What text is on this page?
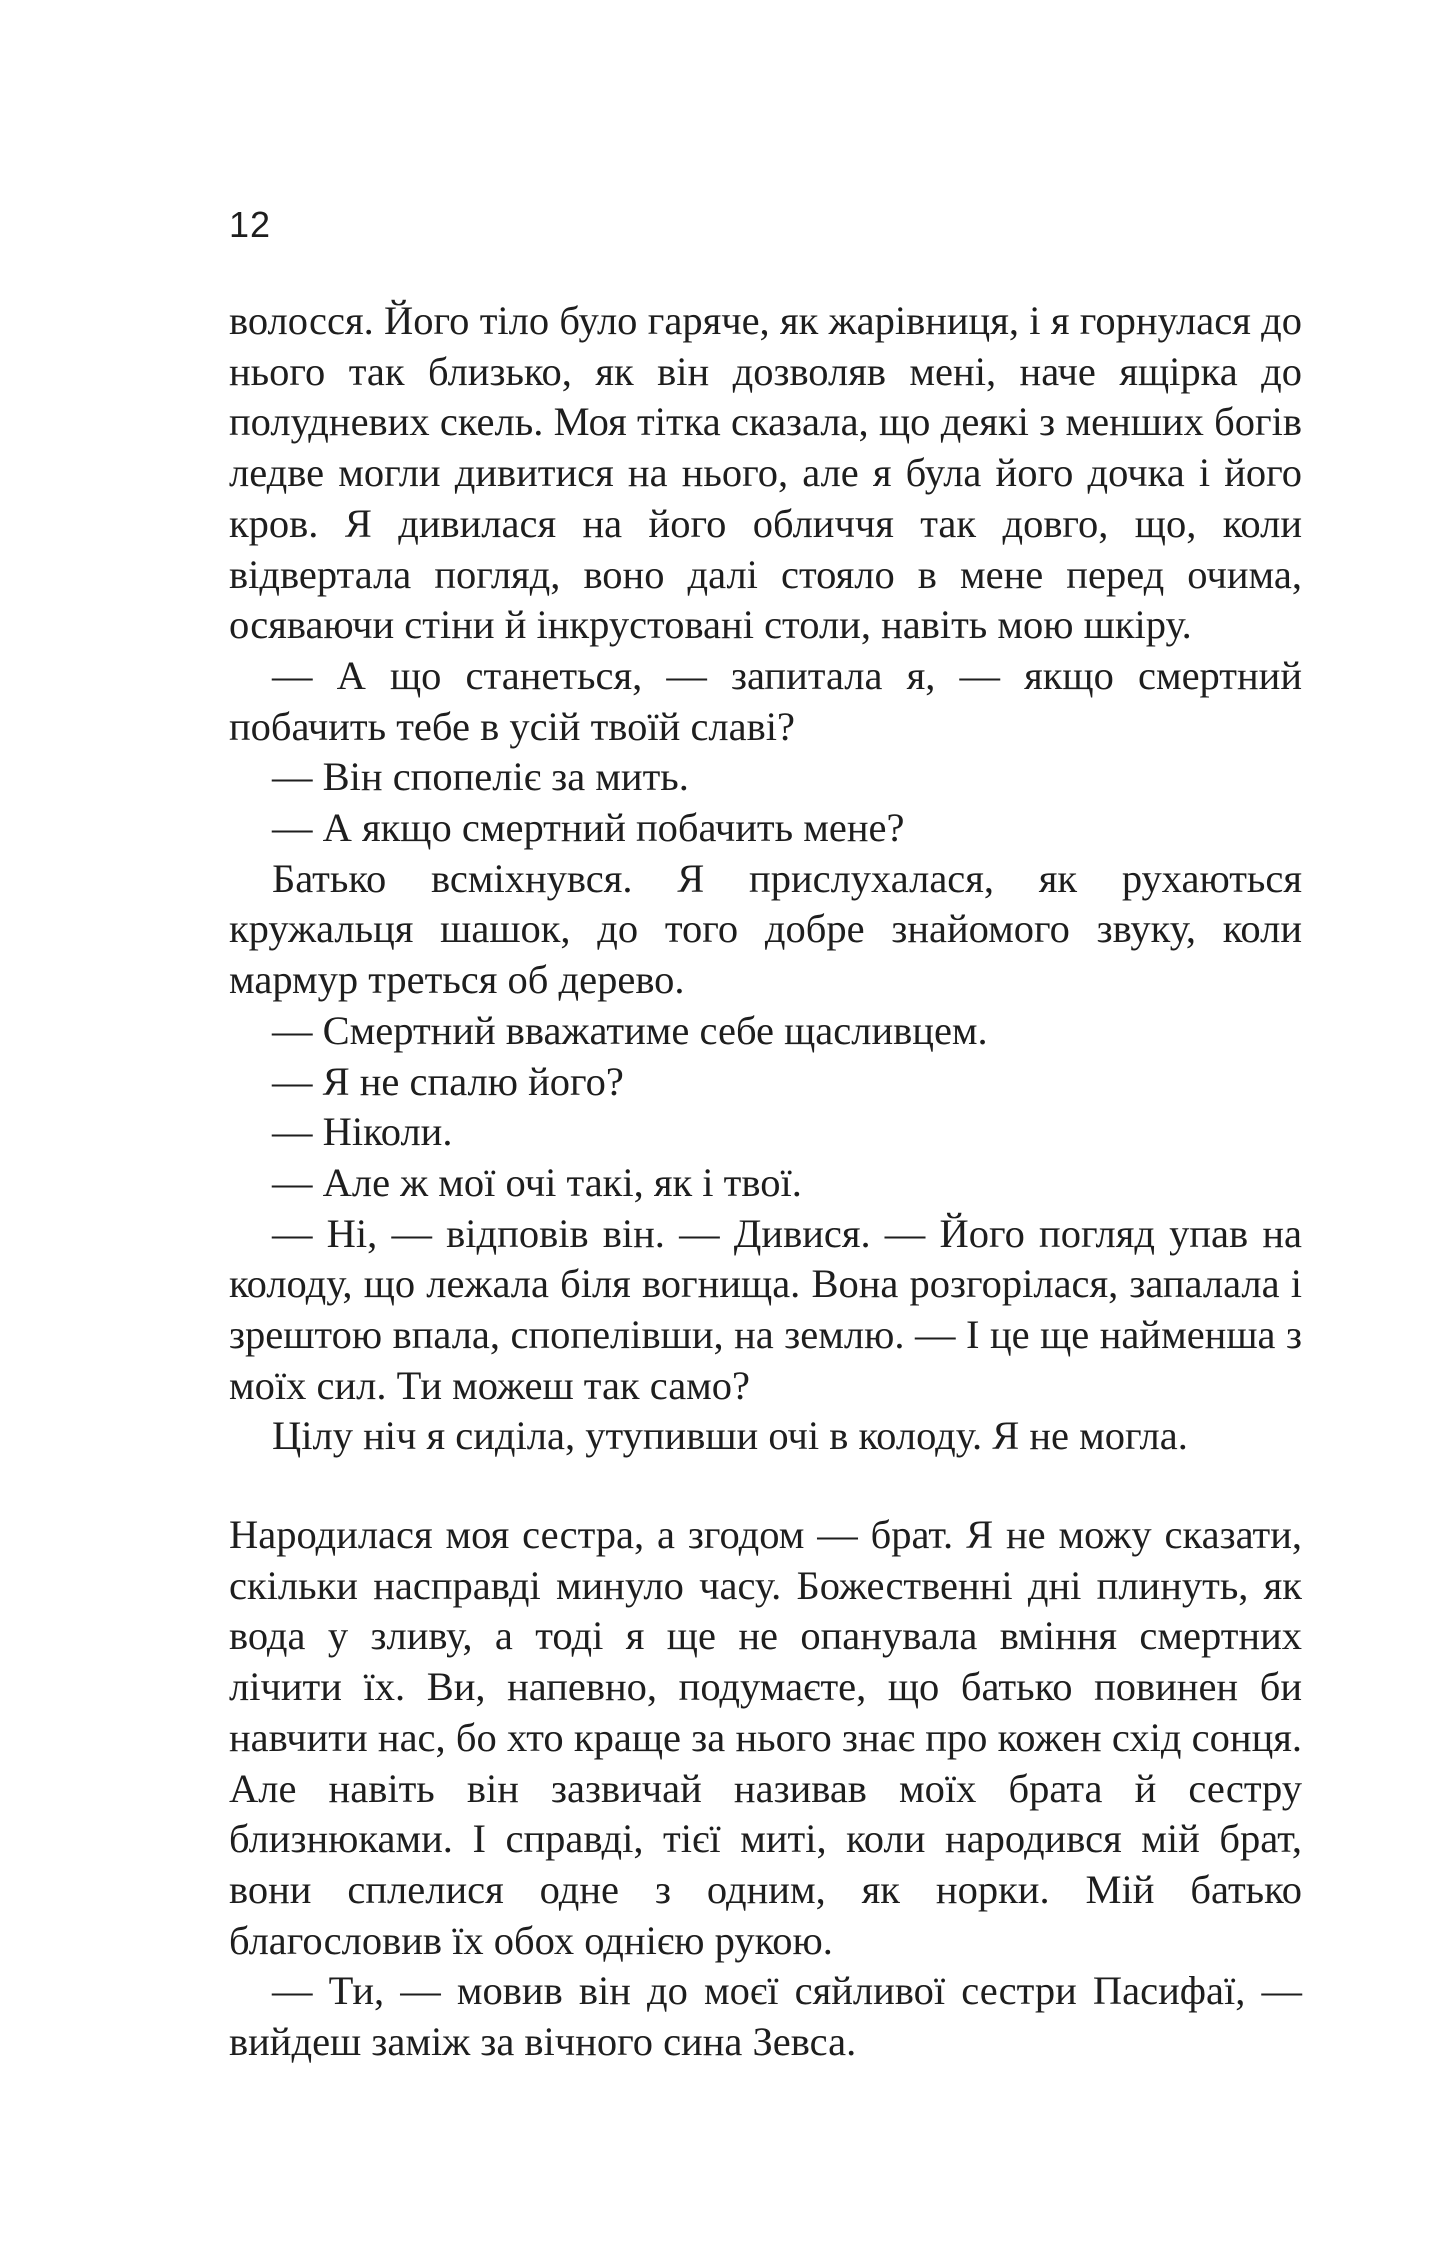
12

волосся. Його тіло було гаряче, як жарівниця, і я горнулася до нього так близько, як він дозволяв мені, наче ящірка до полудневих скель. Моя тітка сказала, що деякі з менших богів ледве могли дивитися на нього, але я була його дочка і його кров. Я дивилася на його обличчя так довго, що, коли відвертала погляд, воно далі стояло в мене перед очима, осяваючи стіни й інкрустовані столи, навіть мою шкіру.

— А що станеться, — запитала я, — якщо смертний побачить тебе в усій твоїй славі?

— Він спопеліє за мить.

— А якщо смертний побачить мене?

Батько всміхнувся. Я прислухалася, як рухаються кружальця шашок, до того добре знайомого звуку, коли мармур треться об дерево.

— Смертний вважатиме себе щасливцем.

— Я не спалю його?

— Ніколи.

— Але ж мої очі такі, як і твої.

— Ні, — відповів він. — Дивися. — Його погляд упав на колоду, що лежала біля вогнища. Вона розгорілася, запалала і зрештою впала, спопелівши, на землю. — І це ще найменша з моїх сил. Ти можеш так само?

Цілу ніч я сиділа, утупивши очі в колоду. Я не могла.

Народилася моя сестра, а згодом — брат. Я не можу сказати, скільки насправді минуло часу. Божественні дні плинуть, як вода у зливу, а тоді я ще не опанувала вміння смертних лічити їх. Ви, напевно, подумаєте, що батько повинен би навчити нас, бо хто краще за нього знає про кожен схід сонця. Але навіть він зазвичай називав моїх брата й сестру близнюками. І справді, тієї миті, коли народився мій брат, вони сплелися одне з одним, як норки. Мій батько благословив їх обох однією рукою.

— Ти, — мовив він до моєї сяйливої сестри Пасифаї, — вийдеш заміж за вічного сина Зевса.
